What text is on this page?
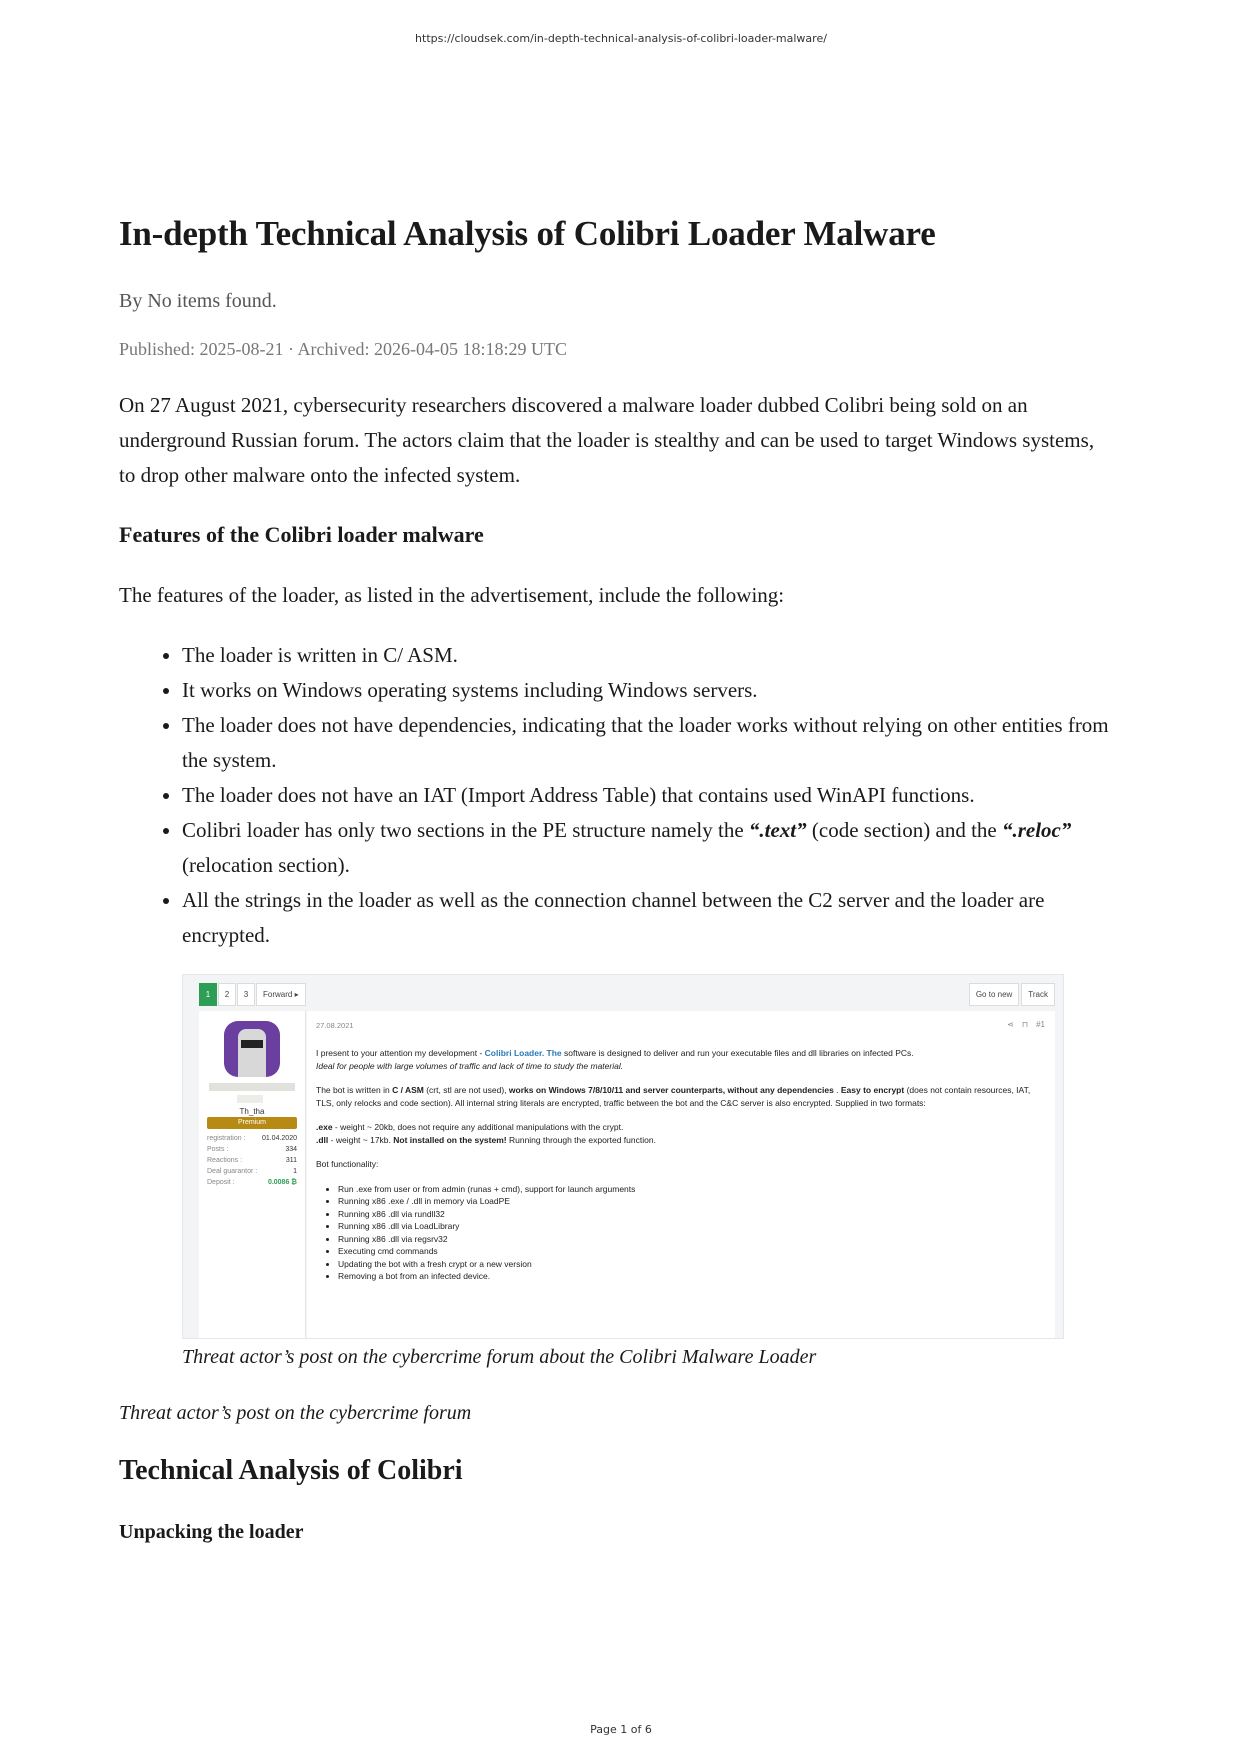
https://cloudsek.com/in-depth-technical-analysis-of-colibri-loader-malware/
In-depth Technical Analysis of Colibri Loader Malware
By No items found.
Published: 2025-08-21 · Archived: 2026-04-05 18:18:29 UTC

On 27 August 2021, cybersecurity researchers discovered a malware loader dubbed Colibri being sold on an underground Russian forum. The actors claim that the loader is stealthy and can be used to target Windows systems, to drop other malware onto the infected system.

Features of the Colibri loader malware
The features of the loader, as listed in the advertisement, include the following:
• The loader is written in C/ ASM.
• It works on Windows operating systems including Windows servers.
• The loader does not have dependencies, indicating that the loader works without relying on other entities from the system.
• The loader does not have an IAT (Import Address Table) that contains used WinAPI functions.
• Colibri loader has only two sections in the PE structure namely the “.text” (code section) and the “.reloc” (relocation section).
• All the strings in the loader as well as the connection channel between the C2 server and the loader are encrypted.
1	2	3	Forward ▸	Go to new	Track
Th_tha
Premium
registration : 01.04.2020
Posts :	334
Reactions :	311
Deal guarantor :	1
Deposit :	0.0086 ₿
27.08.2021	⋖ ⊓ #1

I present to your attention my development - Colibri Loader. The software is designed to deliver and run your executable files and dll libraries on infected PCs.

Ideal for people with large volumes of traffic and lack of time to study the material.

The bot is written in C / ASM (crt, stl are not used), works on Windows 7/8/10/11 and server counterparts, without any dependencies . Easy to encrypt (does not contain resources, IAT, TLS, only relocks and code section). All internal string literals are encrypted, traffic between the bot and the C&C server is also encrypted. Supplied in two formats:

.exe - weight ~ 20kb, does not require any additional manipulations with the crypt.

.dll - weight ~ 17kb. Not installed on the system! Running through the exported function.

Bot functionality:

• Run .exe from user or from admin (runas + cmd), support for launch arguments
• Running x86 .exe / .dll in memory via LoadPE
• Running x86 .dll via rundll32
• Running x86 .dll via LoadLibrary
• Running x86 .dll via regsrv32
• Executing cmd commands
• Updating the bot with a fresh crypt or a new version
• Removing a bot from an infected device.
Threat actor’s post on the cybercrime forum about the Colibri Malware Loader
Threat actor’s post on the cybercrime forum
Technical Analysis of Colibri
Unpacking the loader
Page 1 of 6
